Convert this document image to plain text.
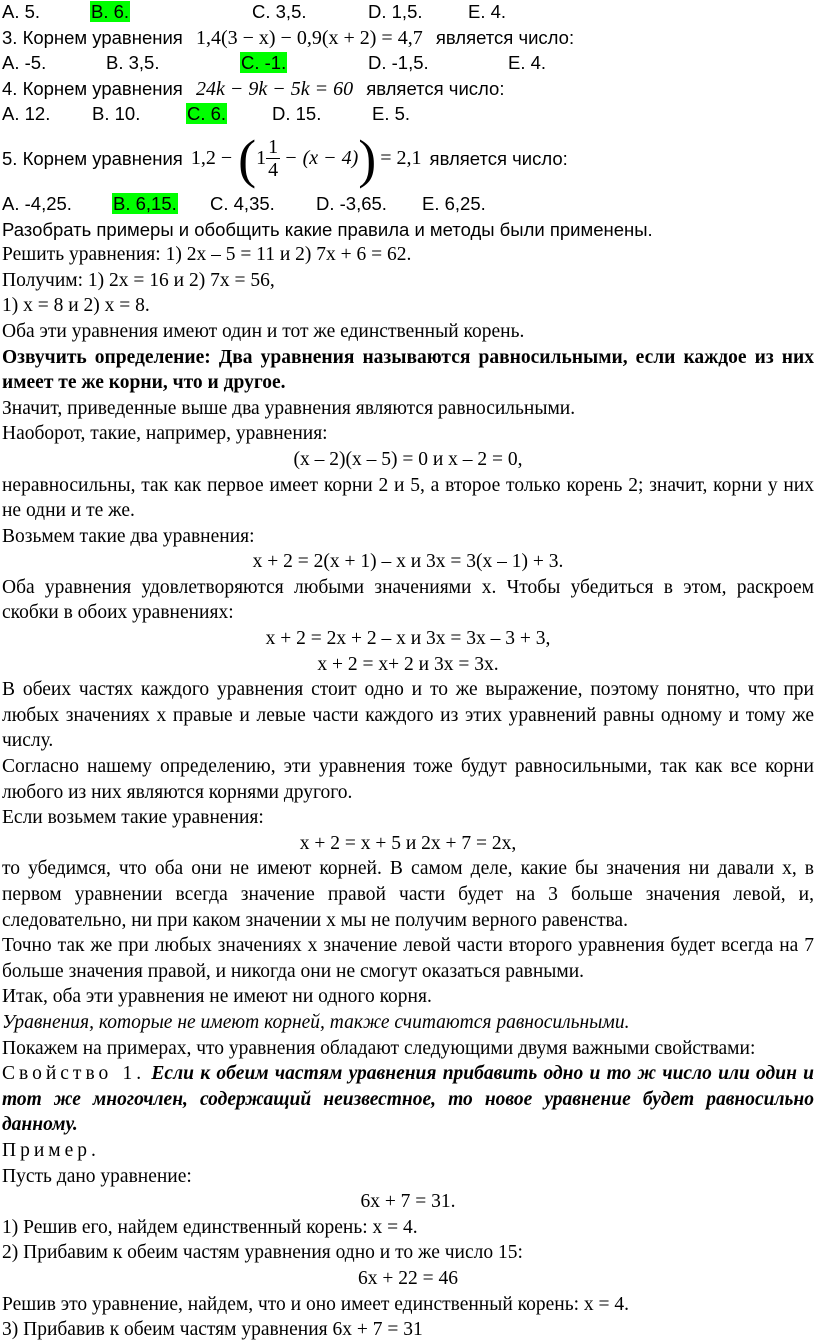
A. 5.	B. 6.	C. 3,5.	D. 1,5.	E. 4.
3. Корнем уравнения 1,4(3 − x) − 0,9(x + 2) = 4,7 является число:
A. -5.	B. 3,5.	C. -1.	D. -1,5.	E. 4.
4. Корнем уравнения 24k − 9k − 5k = 60 является число:
A. 12.	B. 10.	C. 6.	D. 15.	E. 5.
5. Корнем уравнения 1,2 − ( $1 \frac{1}{4} - (x - 4)$ ) = 2,1 является число:
A. -4,25.	B. 6,15.	C. 4,35.	D. -3,65.	E. 6,25.
Разобрать примеры и обобщить какие правила и методы были применены.
Решить уравнения: 1) 2x – 5 = 11 и 2) 7x + 6 = 62.
Получим: 1) 2x = 16 и 2) 7x = 56,
1) x = 8 и 2) x = 8.
Оба эти уравнения имеют один и тот же единственный корень.
Озвучить определение: Два уравнения называются равносильными, если каждое из них имеет те же корни, что и другое.
Значит, приведенные выше два уравнения являются равносильными.
Наоборот, такие, например, уравнения:
(x – 2)(x – 5) = 0 и x – 2 = 0,
неравносильны, так как первое имеет корни 2 и 5, а второе только корень 2; значит, корни у них не одни и те же.
Возьмем такие два уравнения:
x + 2 = 2(x + 1) – x и 3x = 3(x – 1) + 3.
Оба уравнения удовлетворяются любыми значениями x. Чтобы убедиться в этом, раскроем скобки в обоих уравнениях:
x + 2 = 2x + 2 – x и 3x = 3x – 3 + 3,
x + 2 = x+ 2 и 3x = 3x.
В обеих частях каждого уравнения стоит одно и то же выражение, поэтому понятно, что при любых значениях x правые и левые части каждого из этих уравнений равны одному и тому же числу.
Согласно нашему определению, эти уравнения тоже будут равносильными, так как все корни любого из них являются корнями другого.
Если возьмем такие уравнения:
x + 2 = x + 5 и 2x + 7 = 2x,
то убедимся, что оба они не имеют корней. В самом деле, какие бы значения ни давали x, в первом уравнении всегда значение правой части будет на 3 больше значения левой, и, следовательно, ни при каком значении x мы не получим верного равенства.
Точно так же при любых значениях x значение левой части второго уравнения будет всегда на 7 больше значения правой, и никогда они не смогут оказаться равными.
Итак, оба эти уравнения не имеют ни одного корня.
Уравнения, которые не имеют корней, также считаются равносильными.
Покажем на примерах, что уравнения обладают следующими двумя важными свойствами:
Свойство 1. Если к обеим частям уравнения прибавить одно и то ж число или один и тот же многочлен, содержащий неизвестное, то новое уравнение будет равносильно данному.
Пример.
Пусть дано уравнение:
6x + 7 = 31.
1) Решив его, найдем единственный корень: x = 4.
2) Прибавим к обеим частям уравнения одно и то же число 15:
6x + 22 = 46
Решив это уравнение, найдем, что и оно имеет единственный корень: x = 4.
3) Прибавив к обеим частям уравнения 6x + 7 = 31
